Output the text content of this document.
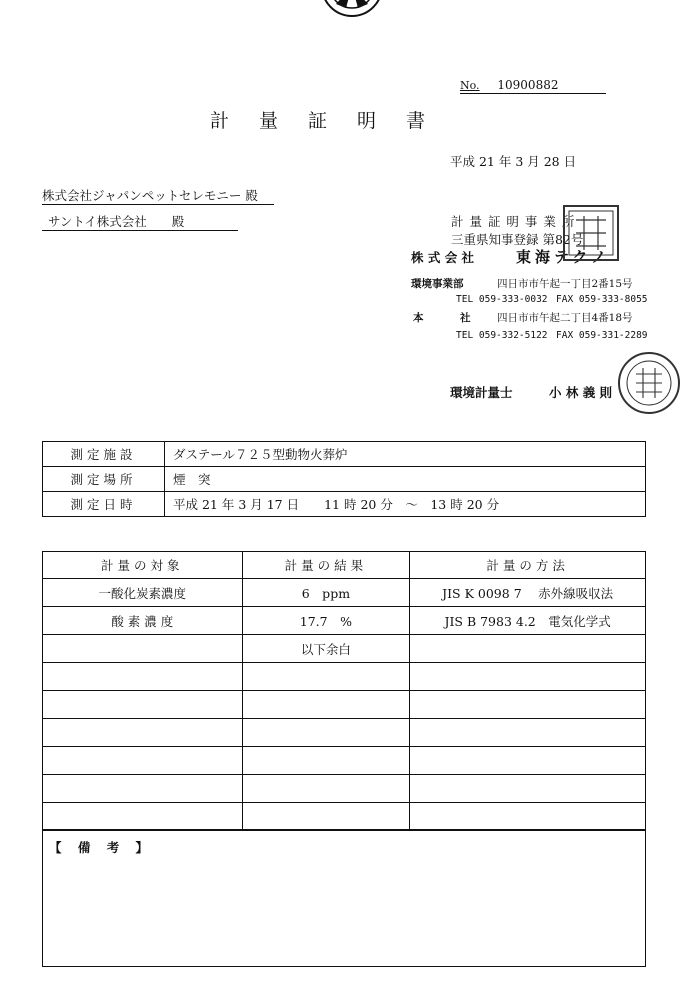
No. 10900882
計量証明書
平成 21 年 3 月 28 日
株式会社ジャパンペットセレモニー 殿
サントイ株式会社　　殿	計 量 証 明 事 業 所
三重県知事登録 第82号
株 式 会 社	東海テクノ
環境事業部	四日市市午起一丁目2番15号
TEL 059-333-0032 FAX 059-333-8055
本	社	四日市市午起二丁目4番18号
TEL 059-332-5122 FAX 059-331-2289
環境計量士	小 林 義 則
測定施設	ダステール７２５型動物火葬炉
測定場所	煙　突
測定日時	平成 21 年 3 月 17 日　　11 時 20 分　～　13 時 20 分
計量の対象	計量の結果	計量の方法
一酸化炭素濃度	6　ppm	JIS K 0098 7　 赤外線吸収法
酸 素 濃 度	17.7　%	JIS B 7983 4.2　電気化学式
	以下余白	

【 備 考 】
